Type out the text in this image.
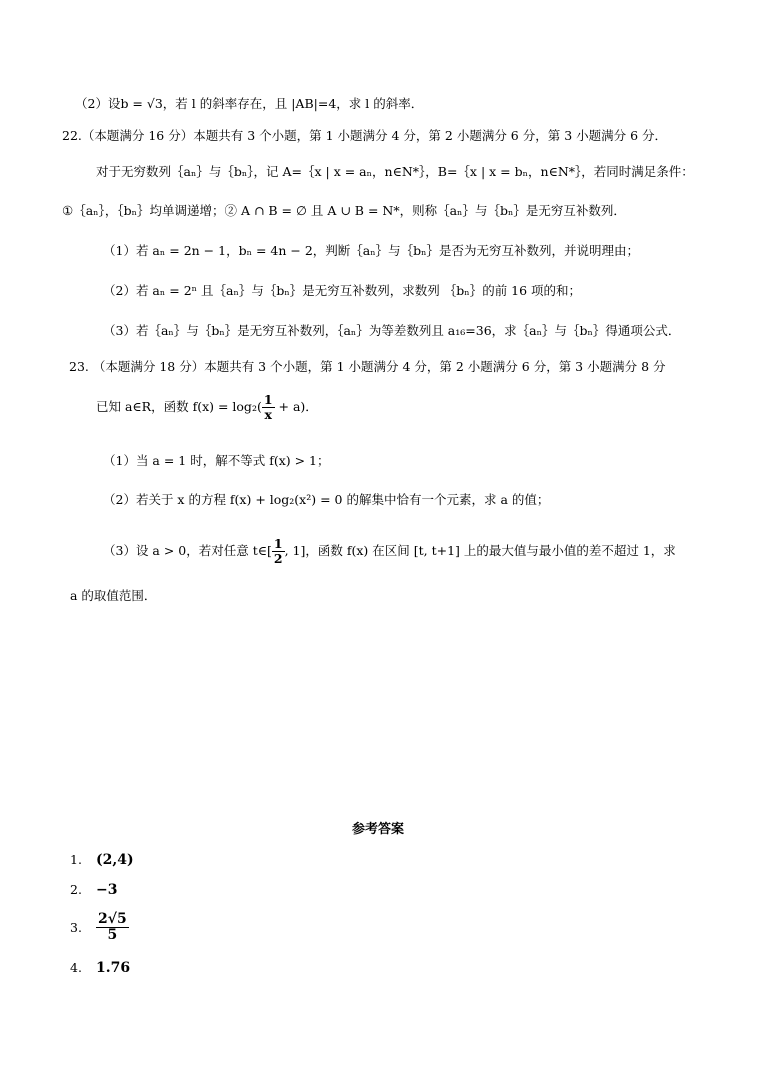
（2）设b = √3，若 l 的斜率存在，且 |AB|=4，求 l 的斜率．
22.（本题满分 16 分）本题共有 3 个小题，第 1 小题满分 4 分，第 2 小题满分 6 分，第 3 小题满分 6 分．
对于无穷数列｛aₙ｝与｛bₙ｝，记 A=｛x | x = aₙ，n∈N*｝，B=｛x | x = bₙ，n∈N*｝，若同时满足条件：
①｛aₙ｝，｛bₙ｝均单调递增；② A ∩ B = ∅ 且 A ∪ B = N*，则称｛aₙ｝与｛bₙ｝是无穷互补数列．
（1）若 aₙ = 2n − 1，bₙ = 4n − 2，判断｛aₙ｝与｛bₙ｝是否为无穷互补数列，并说明理由；
（2）若 aₙ = 2ⁿ 且｛aₙ｝与｛bₙ｝是无穷互补数列，求数列 ｛bₙ｝的前 16 项的和；
（3）若｛aₙ｝与｛bₙ｝是无穷互补数列，｛aₙ｝为等差数列且 a₁₆=36，求｛aₙ｝与｛bₙ｝得通项公式．
23. （本题满分 18 分）本题共有 3 个小题，第 1 小题满分 4 分，第 2 小题满分 6 分，第 3 小题满分 8 分
已知 a∈R，函数 $f(x) = \log_2( \frac{1}{x} + a)$．
（1）当 a = 1 时，解不等式 f(x) > 1；
（2）若关于 x 的方程 f(x) + log₂(x²) = 0 的解集中恰有一个元素，求 a 的值；
（3）设 a > 0，若对任意 t∈[ $\frac{1}{2}$ , 1]，函数 f(x) 在区间 [t, t+1] 上的最大值与最小值的差不超过 1，求
a 的取值范围．
参考答案
1. (2,4)
2. −3
3. $\frac{2√5}{5}$
4. 1.76
